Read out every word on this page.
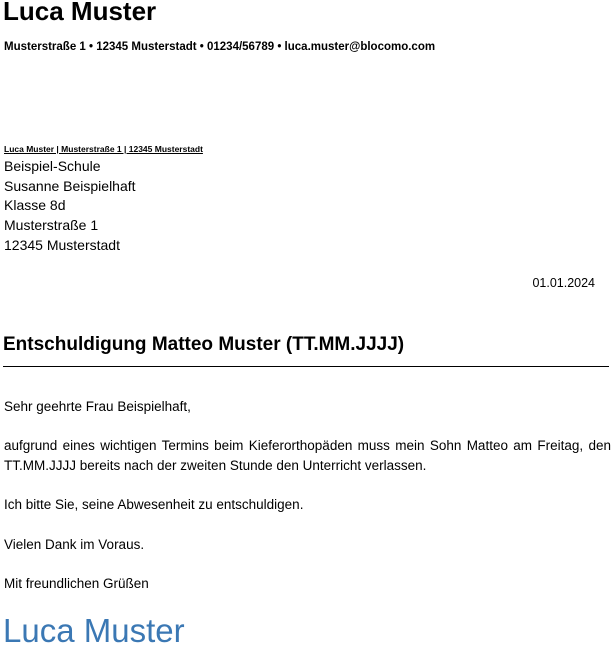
Luca Muster
Musterstraße 1 • 12345 Musterstadt • 01234/56789 • luca.muster@blocomo.com
Luca Muster | Musterstraße 1 | 12345 Musterstadt
Beispiel-Schule
Susanne Beispielhaft
Klasse 8d
Musterstraße 1
12345 Musterstadt
01.01.2024
Entschuldigung Matteo Muster (TT.MM.JJJJ)
Sehr geehrte Frau Beispielhaft,
aufgrund eines wichtigen Termins beim Kieferorthopäden muss mein Sohn Matteo am Freitag, den TT.MM.JJJJ bereits nach der zweiten Stunde den Unterricht verlassen.
Ich bitte Sie, seine Abwesenheit zu entschuldigen.
Vielen Dank im Voraus.
Mit freundlichen Grüßen
Luca Muster
